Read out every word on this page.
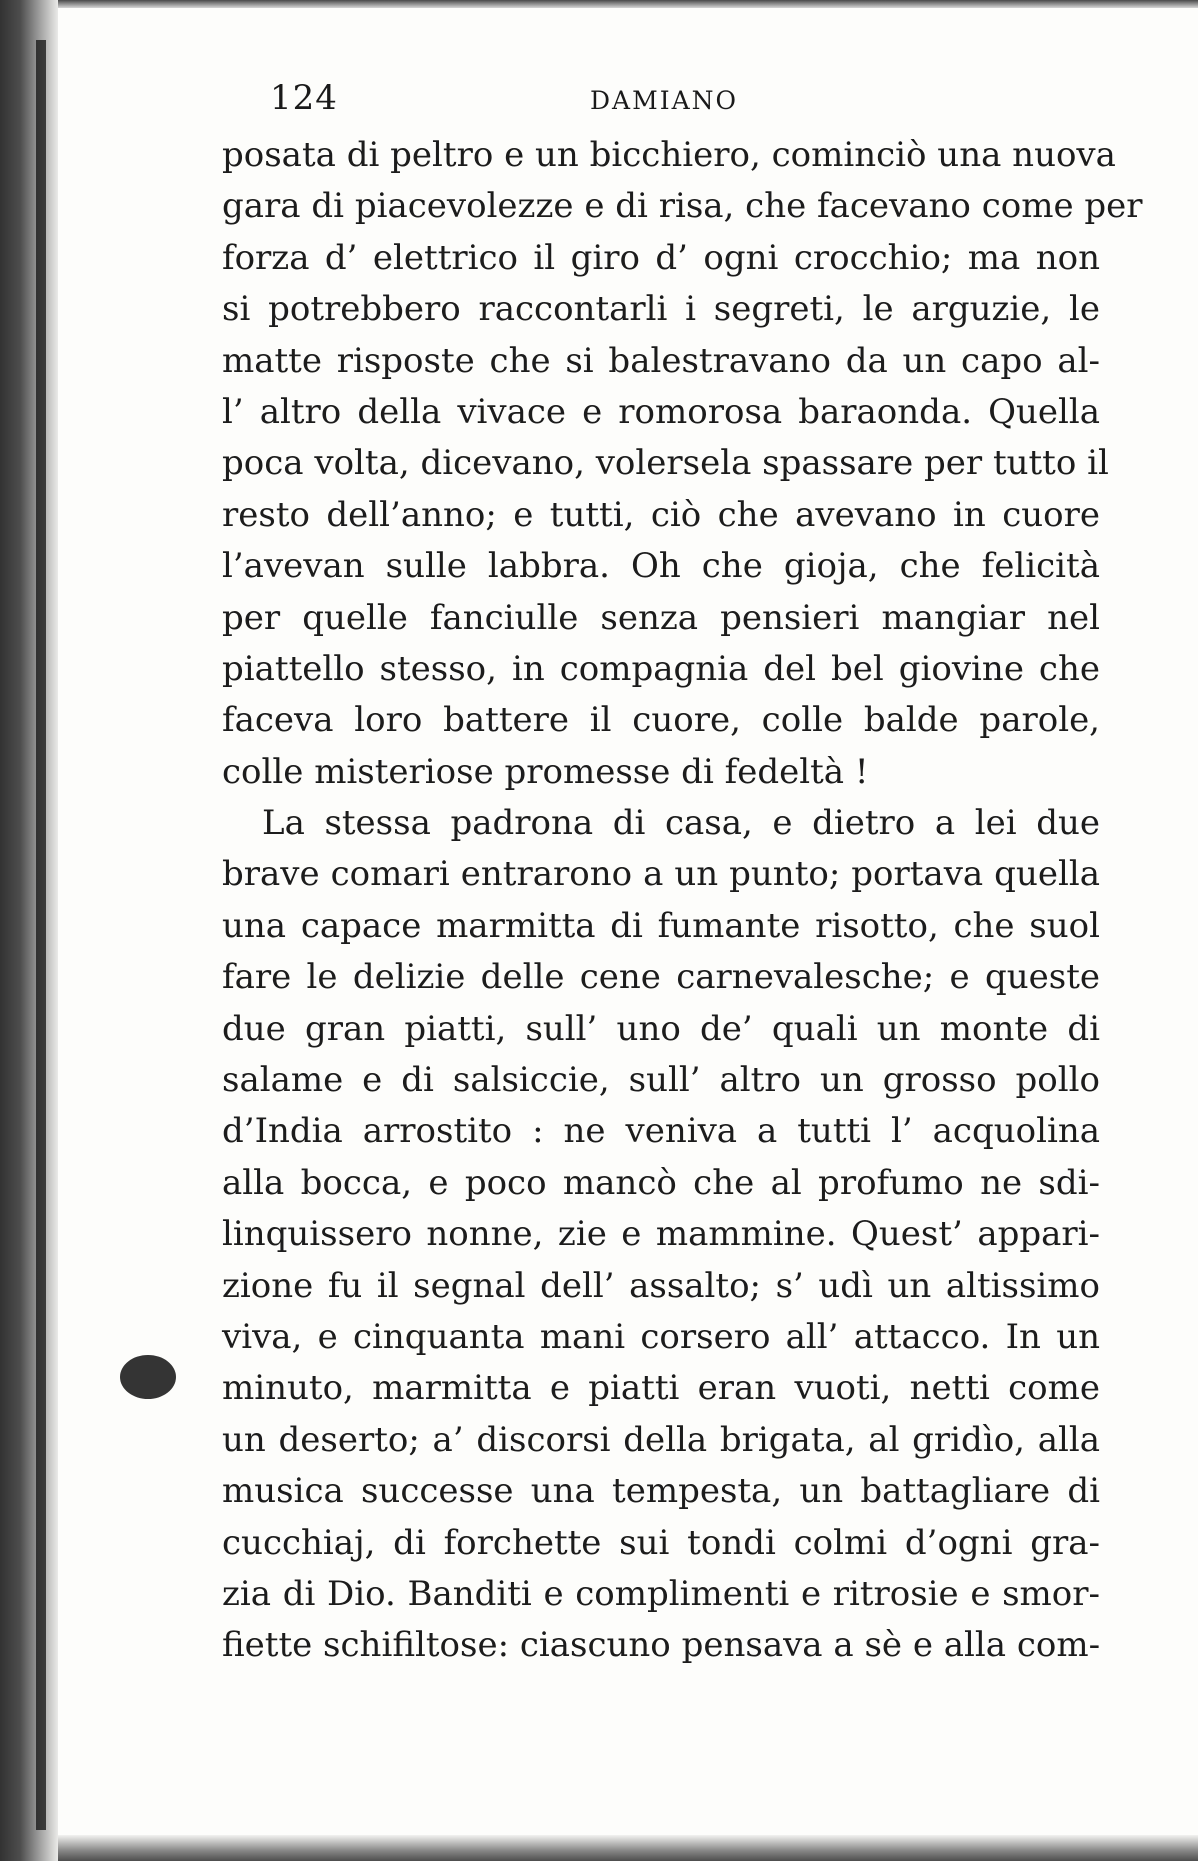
124	DAMIANO
posata di peltro e un bicchiero, cominciò una nuova
gara di piacevolezze e di risa, che facevano come per
forza d’ elettrico il giro d’ ogni crocchio; ma non
si potrebbero raccontarli i segreti, le arguzie, le
matte risposte che si balestravano da un capo al-
l’ altro della vivace e romorosa baraonda. Quella
poca volta, dicevano, volersela spassare per tutto il
resto dell’anno; e tutti, ciò che avevano in cuore
l’avevan sulle labbra. Oh che gioja, che felicità
per quelle fanciulle senza pensieri mangiar nel
piattello stesso, in compagnia del bel giovine che
faceva loro battere il cuore, colle balde parole,
colle misteriose promesse di fedeltà !
La stessa padrona di casa, e dietro a lei due
brave comari entrarono a un punto; portava quella
una capace marmitta di fumante risotto, che suol
fare le delizie delle cene carnevalesche; e queste
due gran piatti, sull’ uno de’ quali un monte di
salame e di salsiccie, sull’ altro un grosso pollo
d’India arrostito : ne veniva a tutti l’ acquolina
alla bocca, e poco mancò che al profumo ne sdi-
linquissero nonne, zie e mammine. Quest’ appari-
zione fu il segnal dell’ assalto; s’ udì un altissimo
viva, e cinquanta mani corsero all’ attacco. In un
minuto, marmitta e piatti eran vuoti, netti come
un deserto; a’ discorsi della brigata, al gridìo, alla
musica successe una tempesta, un battagliare di
cucchiaj, di forchette sui tondi colmi d’ogni gra-
zia di Dio. Banditi e complimenti e ritrosie e smor-
fiette schifiltose: ciascuno pensava a sè e alla com-
